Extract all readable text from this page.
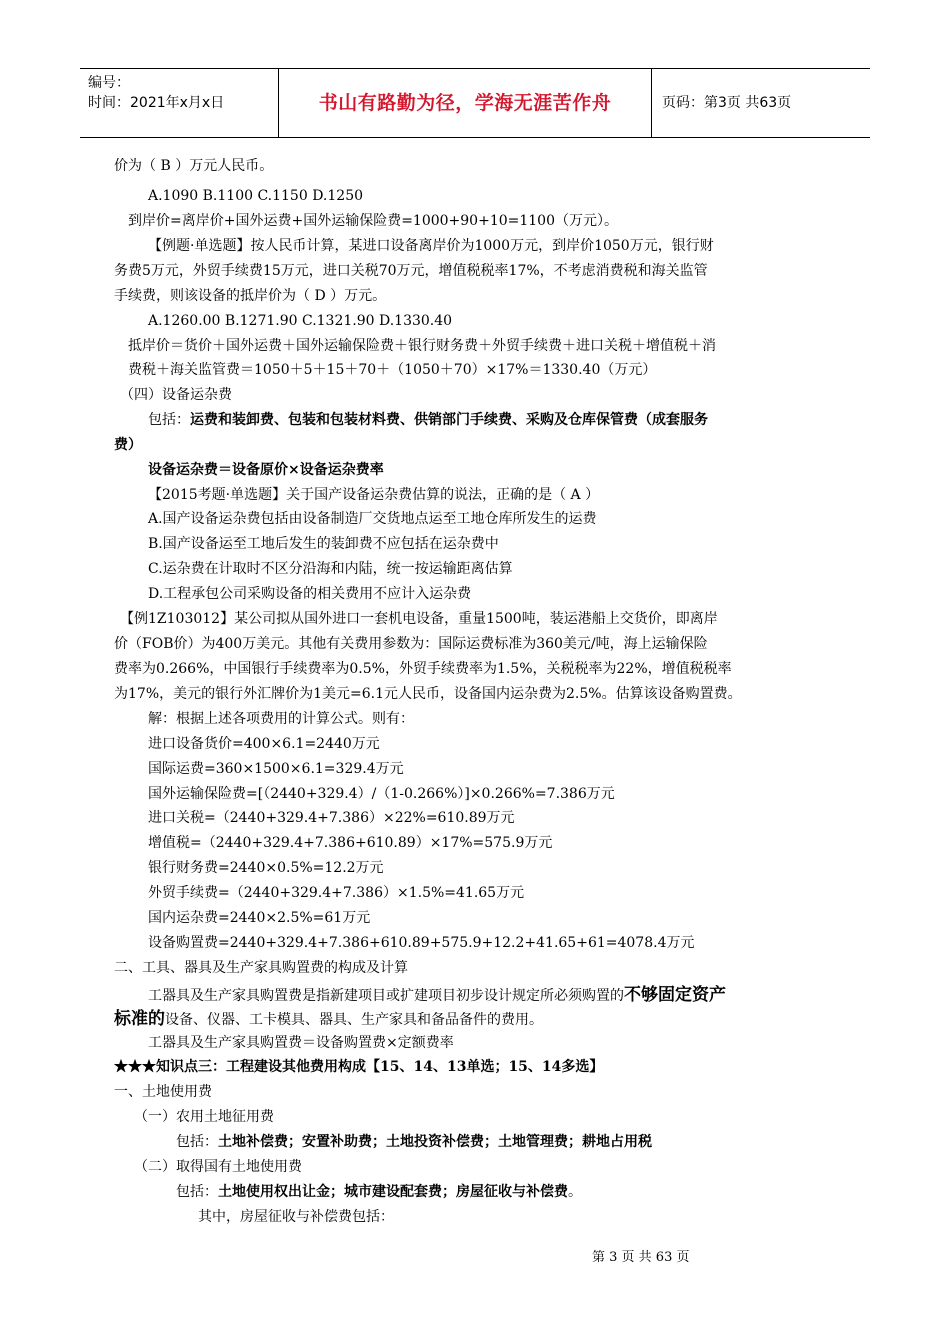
编号：
时间：2021年x月x日	书山有路勤为径，学海无涯苦作舟	页码：第3页 共63页
价为（ B ）万元人民币。
A.1090 B.1100 C.1150 D.1250
到岸价=离岸价+国外运费+国外运输保险费=1000+90+10=1100（万元）。
【例题·单选题】按人民币计算，某进口设备离岸价为1000万元，到岸价1050万元，银行财
务费5万元，外贸手续费15万元，进口关税70万元，增值税税率17%，不考虑消费税和海关监管
手续费，则该设备的抵岸价为（ D ）万元。
A.1260.00 B.1271.90 C.1321.90 D.1330.40
抵岸价＝货价＋国外运费＋国外运输保险费＋银行财务费＋外贸手续费＋进口关税＋增值税＋消
费税＋海关监管费＝1050＋5＋15＋70＋（1050＋70）×17%＝1330.40（万元）
（四）设备运杂费
包括：运费和装卸费、包装和包装材料费、供销部门手续费、采购及仓库保管费（成套服务
费）
设备运杂费＝设备原价×设备运杂费率
【2015考题·单选题】关于国产设备运杂费估算的说法，正确的是（ A ）
A.国产设备运杂费包括由设备制造厂交货地点运至工地仓库所发生的运费
B.国产设备运至工地后发生的装卸费不应包括在运杂费中
C.运杂费在计取时不区分沿海和内陆，统一按运输距离估算
D.工程承包公司采购设备的相关费用不应计入运杂费
【例1Z103012】某公司拟从国外进口一套机电设备，重量1500吨，装运港船上交货价，即离岸
价（FOB价）为400万美元。其他有关费用参数为：国际运费标准为360美元/吨，海上运输保险
费率为0.266%，中国银行手续费率为0.5%，外贸手续费率为1.5%，关税税率为22%，增值税税率
为17%，美元的银行外汇牌价为1美元=6.1元人民币，设备国内运杂费为2.5%。估算该设备购置费。
解：根据上述各项费用的计算公式。则有：
进口设备货价=400×6.1=2440万元
国际运费=360×1500×6.1=329.4万元
国外运输保险费=[（2440+329.4）/（1-0.266%）]×0.266%=7.386万元
进口关税=（2440+329.4+7.386）×22%=610.89万元
增值税=（2440+329.4+7.386+610.89）×17%=575.9万元
银行财务费=2440×0.5%=12.2万元
外贸手续费=（2440+329.4+7.386）×1.5%=41.65万元
国内运杂费=2440×2.5%=61万元
设备购置费=2440+329.4+7.386+610.89+575.9+12.2+41.65+61=4078.4万元
二、工具、器具及生产家具购置费的构成及计算
工器具及生产家具购置费是指新建项目或扩建项目初步设计规定所必须购置的不够固定资产
标准的设备、仪器、工卡模具、器具、生产家具和备品备件的费用。
工器具及生产家具购置费＝设备购置费×定额费率
★★★知识点三：工程建设其他费用构成【15、14、13单选；15、14多选】
一、土地使用费
（一）农用土地征用费
包括：土地补偿费；安置补助费；土地投资补偿费；土地管理费；耕地占用税
（二）取得国有土地使用费
包括：土地使用权出让金；城市建设配套费；房屋征收与补偿费。
其中，房屋征收与补偿费包括：
第 3 页 共 63 页
